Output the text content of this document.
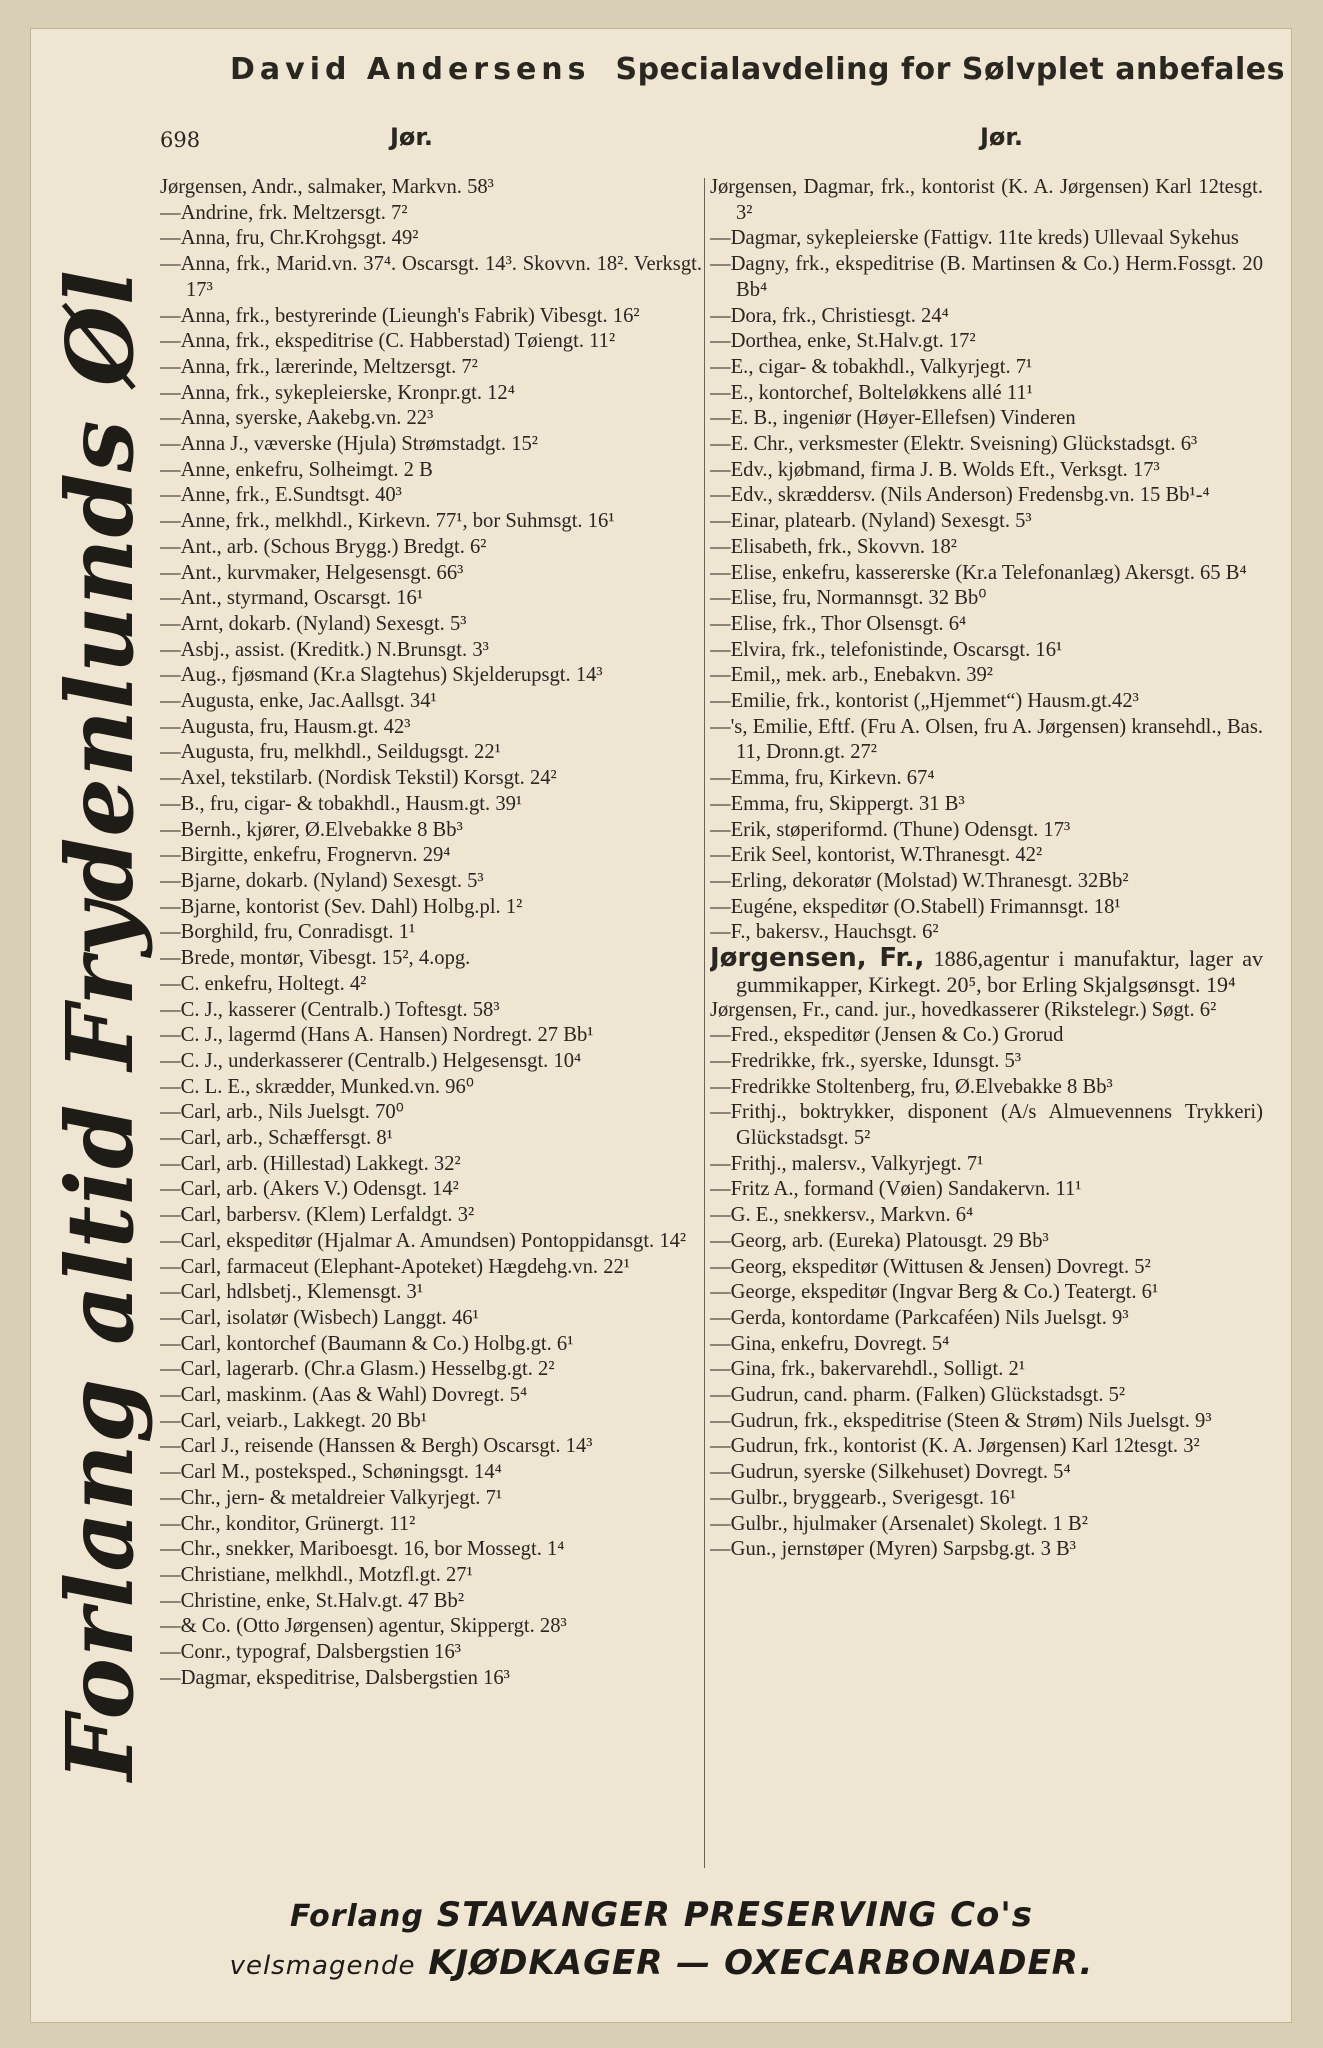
David Andersens Specialavdeling for Sølvplet anbefales
698	Jør.	Jør.
Forlang altid Frydenlunds Øl

Jørgensen, Andr., salmaker, Markvn. 58³

—Andrine, frk. Meltzersgt. 7²

—Anna, fru, Chr.Krohgsgt. 49²

—Anna, frk., Marid.vn. 37⁴. Oscarsgt. 14³. Skovvn. 18². Verksgt. 17³

—Anna, frk., bestyrerinde (Lieungh's Fabrik) Vibesgt. 16²

—Anna, frk., ekspeditrise (C. Habberstad) Tøiengt. 11²

—Anna, frk., lærerinde, Meltzersgt. 7²

—Anna, frk., sykepleierske, Kronpr.gt. 12⁴

—Anna, syerske, Aakebg.vn. 22³

—Anna J., væverske (Hjula) Strømstadgt. 15²

—Anne, enkefru, Solheimgt. 2 B

—Anne, frk., E.Sundtsgt. 40³

—Anne, frk., melkhdl., Kirkevn. 77¹, bor Suhmsgt. 16¹

—Ant., arb. (Schous Brygg.) Bredgt. 6²

—Ant., kurvmaker, Helgesensgt. 66³

—Ant., styrmand, Oscarsgt. 16¹

—Arnt, dokarb. (Nyland) Sexesgt. 5³

—Asbj., assist. (Kreditk.) N.Brunsgt. 3³

—Aug., fjøsmand (Kr.a Slagtehus) Skjelderupsgt. 14³

—Augusta, enke, Jac.Aallsgt. 34¹

—Augusta, fru, Hausm.gt. 42³

—Augusta, fru, melkhdl., Seildugsgt. 22¹

—Axel, tekstilarb. (Nordisk Tekstil) Korsgt. 24²

—B., fru, cigar- & tobakhdl., Hausm.gt. 39¹

—Bernh., kjører, Ø.Elvebakke 8 Bb³

—Birgitte, enkefru, Frognervn. 29⁴

—Bjarne, dokarb. (Nyland) Sexesgt. 5³

—Bjarne, kontorist (Sev. Dahl) Holbg.pl. 1²

—Borghild, fru, Conradisgt. 1¹

—Brede, montør, Vibesgt. 15², 4.opg.

—C. enkefru, Holtegt. 4²

—C. J., kasserer (Centralb.) Toftesgt. 58³

—C. J., lagermd (Hans A. Hansen) Nordregt. 27 Bb¹

—C. J., underkasserer (Centralb.) Helgesensgt. 10⁴

—C. L. E., skrædder, Munked.vn. 96⁰

—Carl, arb., Nils Juelsgt. 70⁰

—Carl, arb., Schæffersgt. 8¹

—Carl, arb. (Hillestad) Lakkegt. 32²

—Carl, arb. (Akers V.) Odensgt. 14²

—Carl, barbersv. (Klem) Lerfaldgt. 3²

—Carl, ekspeditør (Hjalmar A. Amundsen) Pontoppidansgt. 14²

—Carl, farmaceut (Elephant-Apoteket) Hægdehg.vn. 22¹

—Carl, hdlsbetj., Klemensgt. 3¹

—Carl, isolatør (Wisbech) Langgt. 46¹

—Carl, kontorchef (Baumann & Co.) Holbg.gt. 6¹

—Carl, lagerarb. (Chr.a Glasm.) Hesselbg.gt. 2²

—Carl, maskinm. (Aas & Wahl) Dovregt. 5⁴

—Carl, veiarb., Lakkegt. 20 Bb¹

—Carl J., reisende (Hanssen & Bergh) Oscarsgt. 14³

—Carl M., posteksped., Schøningsgt. 14⁴

—Chr., jern- & metaldreier Valkyrjegt. 7¹

—Chr., konditor, Grünergt. 11²

—Chr., snekker, Mariboesgt. 16, bor Mossegt. 1⁴

—Christiane, melkhdl., Motzfl.gt. 27¹

—Christine, enke, St.Halv.gt. 47 Bb²

—& Co. (Otto Jørgensen) agentur, Skippergt. 28³

—Conr., typograf, Dalsbergstien 16³

—Dagmar, ekspeditrise, Dalsbergstien 16³

Jørgensen, Dagmar, frk., kontorist (K. A. Jørgensen) Karl 12tesgt. 3²

—Dagmar, sykepleierske (Fattigv. 11te kreds) Ullevaal Sykehus

—Dagny, frk., ekspeditrise (B. Martinsen & Co.) Herm.Fossgt. 20 Bb⁴

—Dora, frk., Christiesgt. 24⁴

—Dorthea, enke, St.Halv.gt. 17²

—E., cigar- & tobakhdl., Valkyrjegt. 7¹

—E., kontorchef, Bolteløkkens allé 11¹

—E. B., ingeniør (Høyer-Ellefsen) Vinderen

—E. Chr., verksmester (Elektr. Sveisning) Glückstadsgt. 6³

—Edv., kjøbmand, firma J. B. Wolds Eft., Verksgt. 17³

—Edv., skræddersv. (Nils Anderson) Fredensbg.vn. 15 Bb¹-⁴

—Einar, platearb. (Nyland) Sexesgt. 5³

—Elisabeth, frk., Skovvn. 18²

—Elise, enkefru, kassererske (Kr.a Telefonanlæg) Akersgt. 65 B⁴

—Elise, fru, Normannsgt. 32 Bb⁰

—Elise, frk., Thor Olsensgt. 6⁴

—Elvira, frk., telefonistinde, Oscarsgt. 16¹

—Emil,, mek. arb., Enebakvn. 39²

—Emilie, frk., kontorist („Hjemmet“) Hausm.gt.42³

—'s, Emilie, Eftf. (Fru A. Olsen, fru A. Jørgensen) kransehdl., Bas. 11, Dronn.gt. 27²

—Emma, fru, Kirkevn. 67⁴

—Emma, fru, Skippergt. 31 B³

—Erik, støperiformd. (Thune) Odensgt. 17³

—Erik Seel, kontorist, W.Thranesgt. 42²

—Erling, dekoratør (Molstad) W.Thranesgt. 32Bb²

—Eugéne, ekspeditør (O.Stabell) Frimannsgt. 18¹

—F., bakersv., Hauchsgt. 6²

Jørgensen, Fr., 1886,agentur i manufaktur, lager av gummikapper, Kirkegt. 20⁵, bor Erling Skjalgsønsgt. 19⁴

Jørgensen, Fr., cand. jur., hovedkasserer (Rikstelegr.) Søgt. 6²

—Fred., ekspeditør (Jensen & Co.) Grorud

—Fredrikke, frk., syerske, Idunsgt. 5³

—Fredrikke Stoltenberg, fru, Ø.Elvebakke 8 Bb³

—Frithj., boktrykker, disponent (A/s Almuevennens Trykkeri) Glückstadsgt. 5²

—Frithj., malersv., Valkyrjegt. 7¹

—Fritz A., formand (Vøien) Sandakervn. 11¹

—G. E., snekkersv., Markvn. 6⁴

—Georg, arb. (Eureka) Platousgt. 29 Bb³

—Georg, ekspeditør (Wittusen & Jensen) Dovregt. 5²

—George, ekspeditør (Ingvar Berg & Co.) Teatergt. 6¹

—Gerda, kontordame (Parkcaféen) Nils Juelsgt. 9³

—Gina, enkefru, Dovregt. 5⁴

—Gina, frk., bakervarehdl., Solligt. 2¹

—Gudrun, cand. pharm. (Falken) Glückstadsgt. 5²

—Gudrun, frk., ekspeditrise (Steen & Strøm) Nils Juelsgt. 9³

—Gudrun, frk., kontorist (K. A. Jørgensen) Karl 12tesgt. 3²

—Gudrun, syerske (Silkehuset) Dovregt. 5⁴

—Gulbr., bryggearb., Sverigesgt. 16¹

—Gulbr., hjulmaker (Arsenalet) Skolegt. 1 B²

—Gun., jernstøper (Myren) Sarpsbg.gt. 3 B³

Forlang STAVANGER PRESERVING Co's
velsmagende KJØDKAGER — OXECARBONADER.
